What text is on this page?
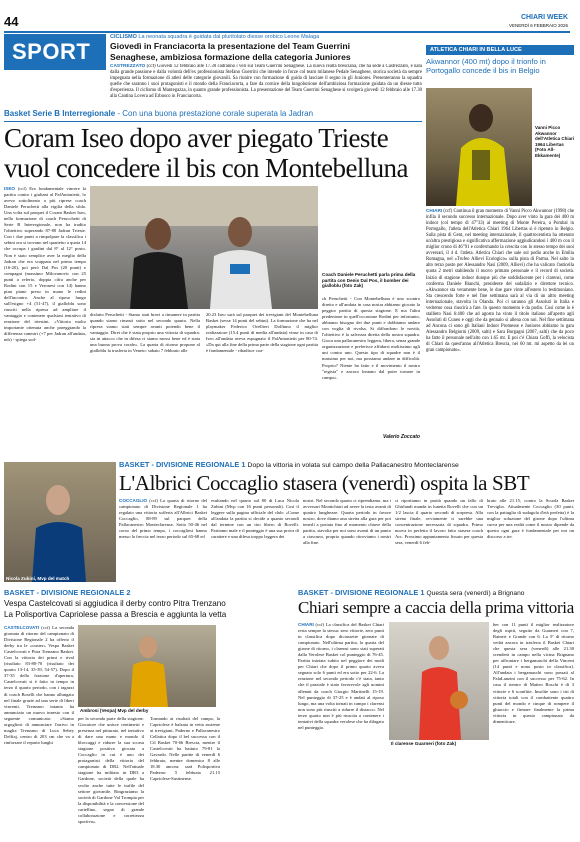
44	CHIARI WEEK
VENERDÌ 6 FEBBRAIO 2026
SPORT
CICLISMO La neonata squadra è guidata dal pluritolato diesse orobico Leone Malaga
Giovedì in Franciacorta la presentazione del Team Guerrini
Senaghese, ambiziosa formazione della categoria Juniores
CASTREZZATO (ccf) Giovedì 12 febbraio alle 17.30 cadranno i veli sul Team Guerrini Senaghese. La nuova realtà bresciana, che ha sede a Castrezzato, è nata dalla grande passione e dalla volontà dell'ex professionista Stefano Guerrini che intende in forze col team milanese Pedale Senaghese, storica società da sempre impegnata nella formazione di atleti delle categorie giovanili. Sa riunire con formazione di guida di lasciare il segno in gli Juniores. Presenteranno la squadra quelle che saranno i suoi protagonisti e il mondo della Franciacorta, a fare da cornice della lungoborione dell'ambiziosa formazione guidata da un diesse tutto d'esperienza. Il ciclismo di Mantegazza, in quanto grande professionista. La presentazione del Team Guerrini Senaghese si svolgerà giovedì 12 febbraio alle 17.30 alla Cantina Lovera ad Erbusco in Franciacorta.
ATLETICA CHIARI IN BELLA LUCE
Akwannor (400 mt) dopo il trionfo in Portogallo concede il bis in Belgio
Vanni Picco Akwannor dell'Atletica Chiari 1964 Libertas (Foto All-Ekkamente)
CHIARI (ccf) Continua il gran momento di Vanni Picco Akwannor (1998) che infila il secondo successo internazionale. Dopo aver vinto la gara dei 400 m indoor (col tempo di 47"33) al meeting di Monte Pereira, a Pombal in Portogallo, l'atleta dell'Atletica Chiari 1964 Libertas si è ripetuto in Belgio. Sulla pista di Gent, nel meeting internazionale, il quattrocentista ha ottenuto un'altra prestigiosa e significativa affermazione aggiudicandosi i 400 m con il miglior crono di 46"91 e confermando la crescita con lo stesso tempo dei suoi avversari, il 4 d. l'atleta. Atletica Chiari che sale sul podio anche in Emilia Romagna, nel «Trofeo Allievi Ecologico» sulla pista di Parma. Nel salto in alto terzo posto per Alessandro Nasi (2009, Allievi) che ha valicato l'asticella quota 2 metri stabilendo il nuovo primato personale e il record di società. Inizio di stagione indoor dunque più che soddisfacente per i clarensi, come conferma Daniele Bianchi, presidente del sodalizio e direttore tecnico. «Akwannor sta veramente bene, le due gare vinte all'estero lo testimoniano. Sta crescendo forte e nel fine settimana sarà al via di un altro meeting internazionale, stavolta in Olanda. Poi ci saranno gli Assoluti in Italia e vedremo cosa riuscirà a fare. In questo momento è da podio. Così come lo è stallieto Nasi 6:400 che ad agosto ha vinto il titolo italiano all'aperto agli Assoluti di Cuneo e oggi che da gennaio si allena con noi. Nel fine settimana ad Ancona ci sono gli Italiani Indoor Promesse e Juniores abbiamo in gara Alessandro Belgiorni (2009, salti) e Sara Borgagni (2007, salti) che da poco ha fatto il personale nell'alto con 1.65 mt. E poi c'è Chiara Goffi, la velocista di Chiari da quest'anno all'Atletica Brescia, nei 60 mt. mi aspetto da lei un gran campionato».
Basket Serie B Interregionale - Con una buona prestazione corale superata la Jadran
Coram Iseo dopo aver piegato Trieste
vuol concedere il bis con Montebelluna
ISEO (ccf) Era fondamentale vincere la partita contro i giuliani al PalAntonietti, lo avevo sottolineato a più riprese coach Daniele Peruchetti alla vigilia della sfida. Una volta sul parquet il Coram Basket Iseo, nella formazione di coach Perucchetti di Serie B Interregionale, non ha tradito l'obiettivo superando 87-80 Jadran Trieste. Con i due punti a rimpolpare la classifica i sebini ora si trovano nel quartetto a quota 14 che occupa i gradini dal 8° al 12° posto. Non è stato semplice aver la meglio della Jadran che era scappata nel primo tempo (16-20), poi però Dal Pos (20 punti) e compagni (massimo Milovanovic con 25 punti a referto, doppia cifra anche per Rodini con 15 e Veronesi con 14) hanno pian piano preso in mano le redini dell'incontro. Anche al riposo lungo sull'esigno +4 (51-47), il gialloblu sono riusciti nella ripresa ad ampliare il vantaggio e contenere qualsiasi tentativo di reazione del triestini. «Vittoria molto importante ottenuta anche pareggiando la differenza canestri (+7 per Jadran all'andata, ndr) - spiega sod-
Coach Daniele Peruchetti parla prima della partita con Denis Dal Pos, il bomber dei gialloblu (foto Zak)
disfatto Peruchetti - Siamo stati bravi a rimanere in partita quando siamo rimasti sotto nel secondo quarto. Nella ripresa siamo stati sempre avanti potendo bene il vantaggio. Direi che è stata proprio una vittoria di squadra: sia in attacco che in difesa ci siamo mossi bene ed è stata una buona prova corale». La quarta di ritorno propone al gialloblu la trasferta in Veneto: sabato 7 febbraio alle
20.23 Iseo sarà sul parquet dei trevigiani del Montebelluna Basket (sesse 14 punti del sebini). La formazione che ha nel playmaker Federico Ovellieri Dolfinno il miglior realizzatore (15.4 punti di media all'andata) vinse in casa di Iseo all'andata aveva espugnato il PalAntonietti per 80-74. «Da qui alla fine della prima parte della stagione ogni partita è fondamentale - ribadisce coa-
ch Peruchetti - Con Montebelluna è uno scontro diretto e all'andata in casa nostra abbiamo giocato la peggior partita di questa stagione. E ma l'altra predenione in quell'occasione Rodini per infortunio, abbiamo bisogno dei due punti e dobbiamo andare con voglia di rivalsa. Si diffondono le novità, l'obiettivo è la salvezza diretta della nostra squadra. Gioca una pallacanestro leggera, libera, senza grande organizzazione e preferisce affidarsi moltissimo agli uni contro uno. Questo tipo di squadre non è il massimo per noi, ma possiamo andare in difficoltà. Proprio? Niente ha fatto e il movimento il nostro "regista" e ancora lontano dal poter tornare in campo».
Valerio Zoccato
BASKET - DIVISIONE REGIONALE 1 Dopo la vittoria in volata sul campo della Pallacanestro Monteclarense
L'Albrici Coccaglio stasera (venerdì) ospita la SBT
Nicola Zubini, Mvp del match
COCCAGLIO (ccf) La quarta di ritorno del campionato di Divisione Regionale 1 ha regalato una vittoria sofferta all'Albrici Basket Coccaglio, 88-89 sul parquet della Pallacanestro Monteclarense. Sotto 50-46 nel corso del primo tempo, i coccagliesi hanno messo la freccia nel terzo periodo sul 65-68 ed
esultando nel quarto sul 80 di Luca Nicola Zubini (Mvp con 16 punti personali). Così il leggere sulla pagina ufficiale del club: «Come all'andata la partita si decide a quanto secondi dal termine con un tiro libero di Rovelli. Partiamo male e il punteggio è una sua prova di carattere e una difesa troppo leggera dei
nostri. Nel secondo quarto ci riprendiamo, ma i avversari Montichiari ad avere la testa avanti di quattro lunghezze. Quarta periodo in favore nostro, dove diamo una stretta alla gara per poi tenerli a portata fino al momento chiave della partita, stavolta per noi sono avanti di un punto a ciascuno, proprio quando ritroviamo i nostri alla fine.
ci riportiamo in parità quando un fallo di Ghirlandi manda in lunetta Rovelli che con un 1/2 lascia il quarto secondi di sorpresa. Alla sirena finale, ovviamente ci sarebbe una concentrazione necessaria di squadra. Primo nuova in perfetta il lavoro fatto stasera coach Arc. Prossimo appuntamento fissato per questa sera, venerdì 6 feb-
braio alle 21.15, contro la Scuola Basket Treviglio. Attualmente Coccaglio (30 punti, con la pattuglia di sudagola d'età perfetta) è la miglior soluzione del girone dopo l'ultima curva per una realtà come il nostro dipende da questo ogni gara è fondamentale per noi un discorso a tre.
BASKET - DIVISIONE REGIONALE 2
Vespa Castelcovati si aggiudica il derby contro Pitra Trenzano
La Polisportiva Capriolese passa a Brescia e aggiunta la vetta
CASTELCOVATI (ccf) La seconda giornata di ritorno del campionato di Divisione Regionale 2 ha offerto il derby tra le «ouster» Vespa Basket Castelcovati e Pitra Trenzano Basket. Con la vittoria dei primi e rival (risultato 83-80-70 (risultato dei quarto 13-14, 35-39, 54-57). Dopo il 37-35 della frazione d'apertura, Castelcovati si è fatto in tempo in terzo il quarto periodo, con i ragazzi di coach Boselli che hanno allungato nel finale grazie ad una serie di liberi vincenti. Trenzano intanto ha annunciato un nuovo innesto con il seguente comunicato: «Siamo orgogliosi di annunciare l'arrivo in maglia Trenzano di Luca Sebey Delfiaj, centro di 203 cm che va a rinforzare il reparto lunghi
Ambrosi (Vespa) Mvp del derby
per la seconda parte della stagione. Giocatore che unisce centimetri e presenza nel pitturato, nel tentativo di dare una mano e mondo il bloccaggi e ridurre la sua scorsa stagione positiva giocata a Coccaglio in cui è uno dei protagonisti della vittoria del campionato di DR2. Nell'attuale stagione ha militato in DR3 a Gardone, società della quale ha svolto anche tutte le trafile del settore giovanile. Ringraziamo la società di Gardone Val Trompia per la disponibilità e la concessione del cartellino, segno di grande collaborazione e correttezza sportiva».
Tornando ai risultati del campo, la Capriolese è balzata in vetta assieme ai trevigiani, Paderno e Pallacanestro Cellatica dopo il bel successo con il Ctl Basket 70-66 Brescia, mentre il Castelcovati ha battuto 79-81 la Gavardo. Nelle partite di venerdì 6 febbraio, mentre domenica 8 alle 18.30 ancora: sarà Polisportiva Paderno: 5 febbraio 21.15 Capriolese-Sustinense.
BASKET - DIVISIONE REGIONALE 1 Questa sera (venerdì) a Brignano
Chiari sempre a caccia della prima vittoria
CHIARI (ccf) La classifica del Basket Chiari resta sempre la stessa: zero vittorie, zero punti in classifica dopo diciassette giornate di campionato. Nell'ultima partita, la quarta del girone di ritorno, i clarensi sono stati superati dalla Verolese Basket col punteggio di 76-45. Partita iniziata subito nel peggiore dei modi per Chiari che dopo il primo quarto aveva segnato solo 6 punti ed era sotto per 22-6. La reazione nel secondo periodo c'è stata, tanto che il parziale è stato favorevole agli uomini allenati da coach Giorgio Martinelli 15-19. Nel punteggio di 37-25 e è andati al riposo lungo, ma una volta tornati in campo i clarensi non sono più riusciti a ridurre il distacco. Nel terzo quarto non è più riuscita a contenere i tentativi della squadra verolese che ha dilagato nel punteggio.
Il clarense Guarneri (foto Zak)
ber con 11 punti il miglior realizzatore degli ospiti, seguito da Guarneri con 7, Raineri e Grande con 6. La 5ª di ritorno vedrà ancora in trasferta il Basket Chiari che questa sera (venerdì) alle 21.30 scenderà in campo nella vicina Brignano per affrontare i bergamaschi della Vincent (14 punti e nono posto in classifica). All'andata i bergamaschi sono passati al PalaLanzini con il successo per 75-62. In casa il rientro di Matteo Boschi è di 3 vittorie e 6 sconfitte. Insolite sono i tiri di vittoria totali con il combattente quattro punti del mondo e cinque di rompere il ghiaccio e firmare finalmente la prima vittoria in questo campionato da dimenticare.
